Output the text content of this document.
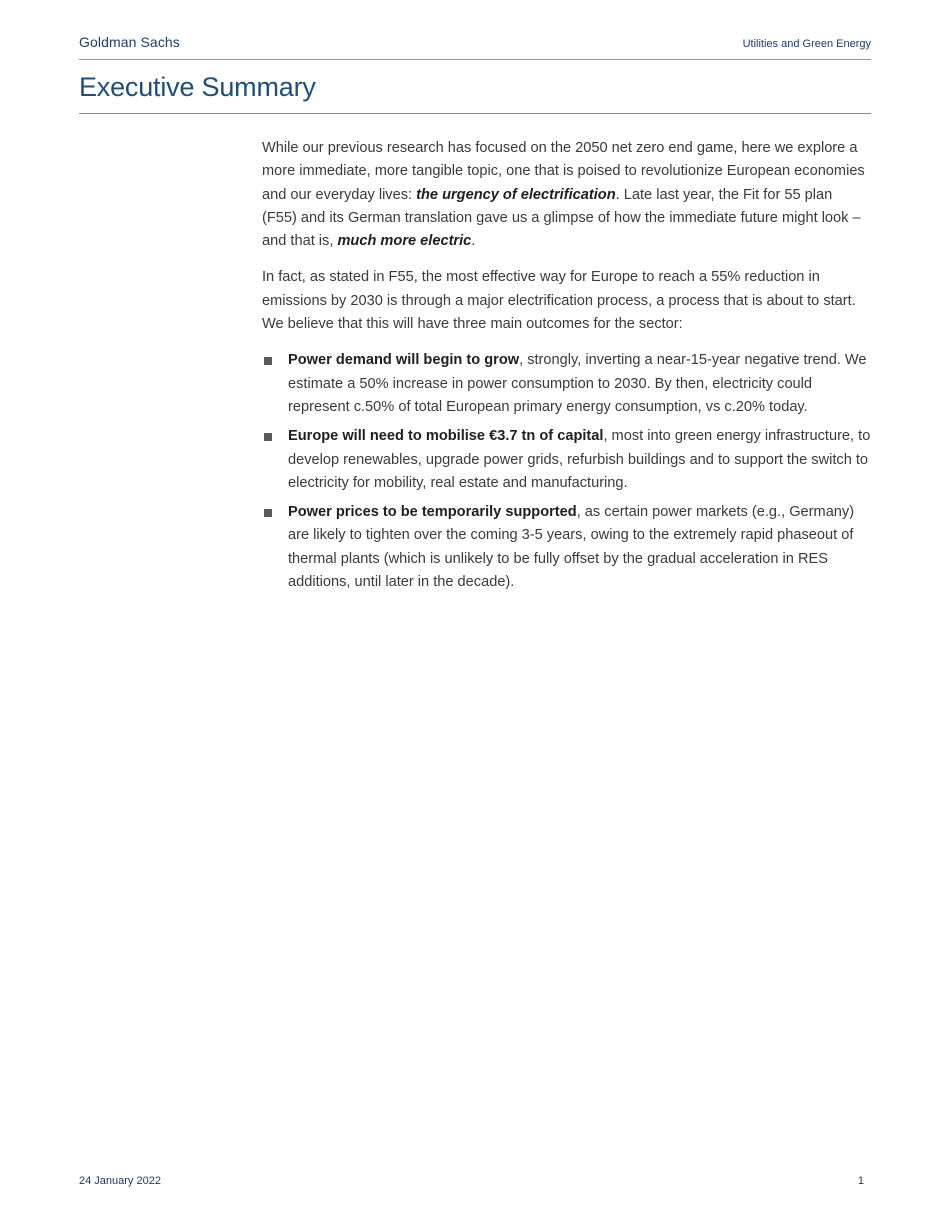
Goldman Sachs	Utilities and Green Energy
Executive Summary

While our previous research has focused on the 2050 net zero end game, here we explore a more immediate, more tangible topic, one that is poised to revolutionize European economies and our everyday lives: the urgency of electrification. Late last year, the Fit for 55 plan (F55) and its German translation gave us a glimpse of how the immediate future might look – and that is, much more electric.

In fact, as stated in F55, the most effective way for Europe to reach a 55% reduction in emissions by 2030 is through a major electrification process, a process that is about to start. We believe that this will have three main outcomes for the sector:

Power demand will begin to grow, strongly, inverting a near-15-year negative trend. We estimate a 50% increase in power consumption to 2030. By then, electricity could represent c.50% of total European primary energy consumption, vs c.20% today.
Europe will need to mobilise €3.7 tn of capital, most into green energy infrastructure, to develop renewables, upgrade power grids, refurbish buildings and to support the switch to electricity for mobility, real estate and manufacturing.
Power prices to be temporarily supported, as certain power markets (e.g., Germany) are likely to tighten over the coming 3-5 years, owing to the extremely rapid phaseout of thermal plants (which is unlikely to be fully offset by the gradual acceleration in RES additions, until later in the decade).
24 January 2022	1
